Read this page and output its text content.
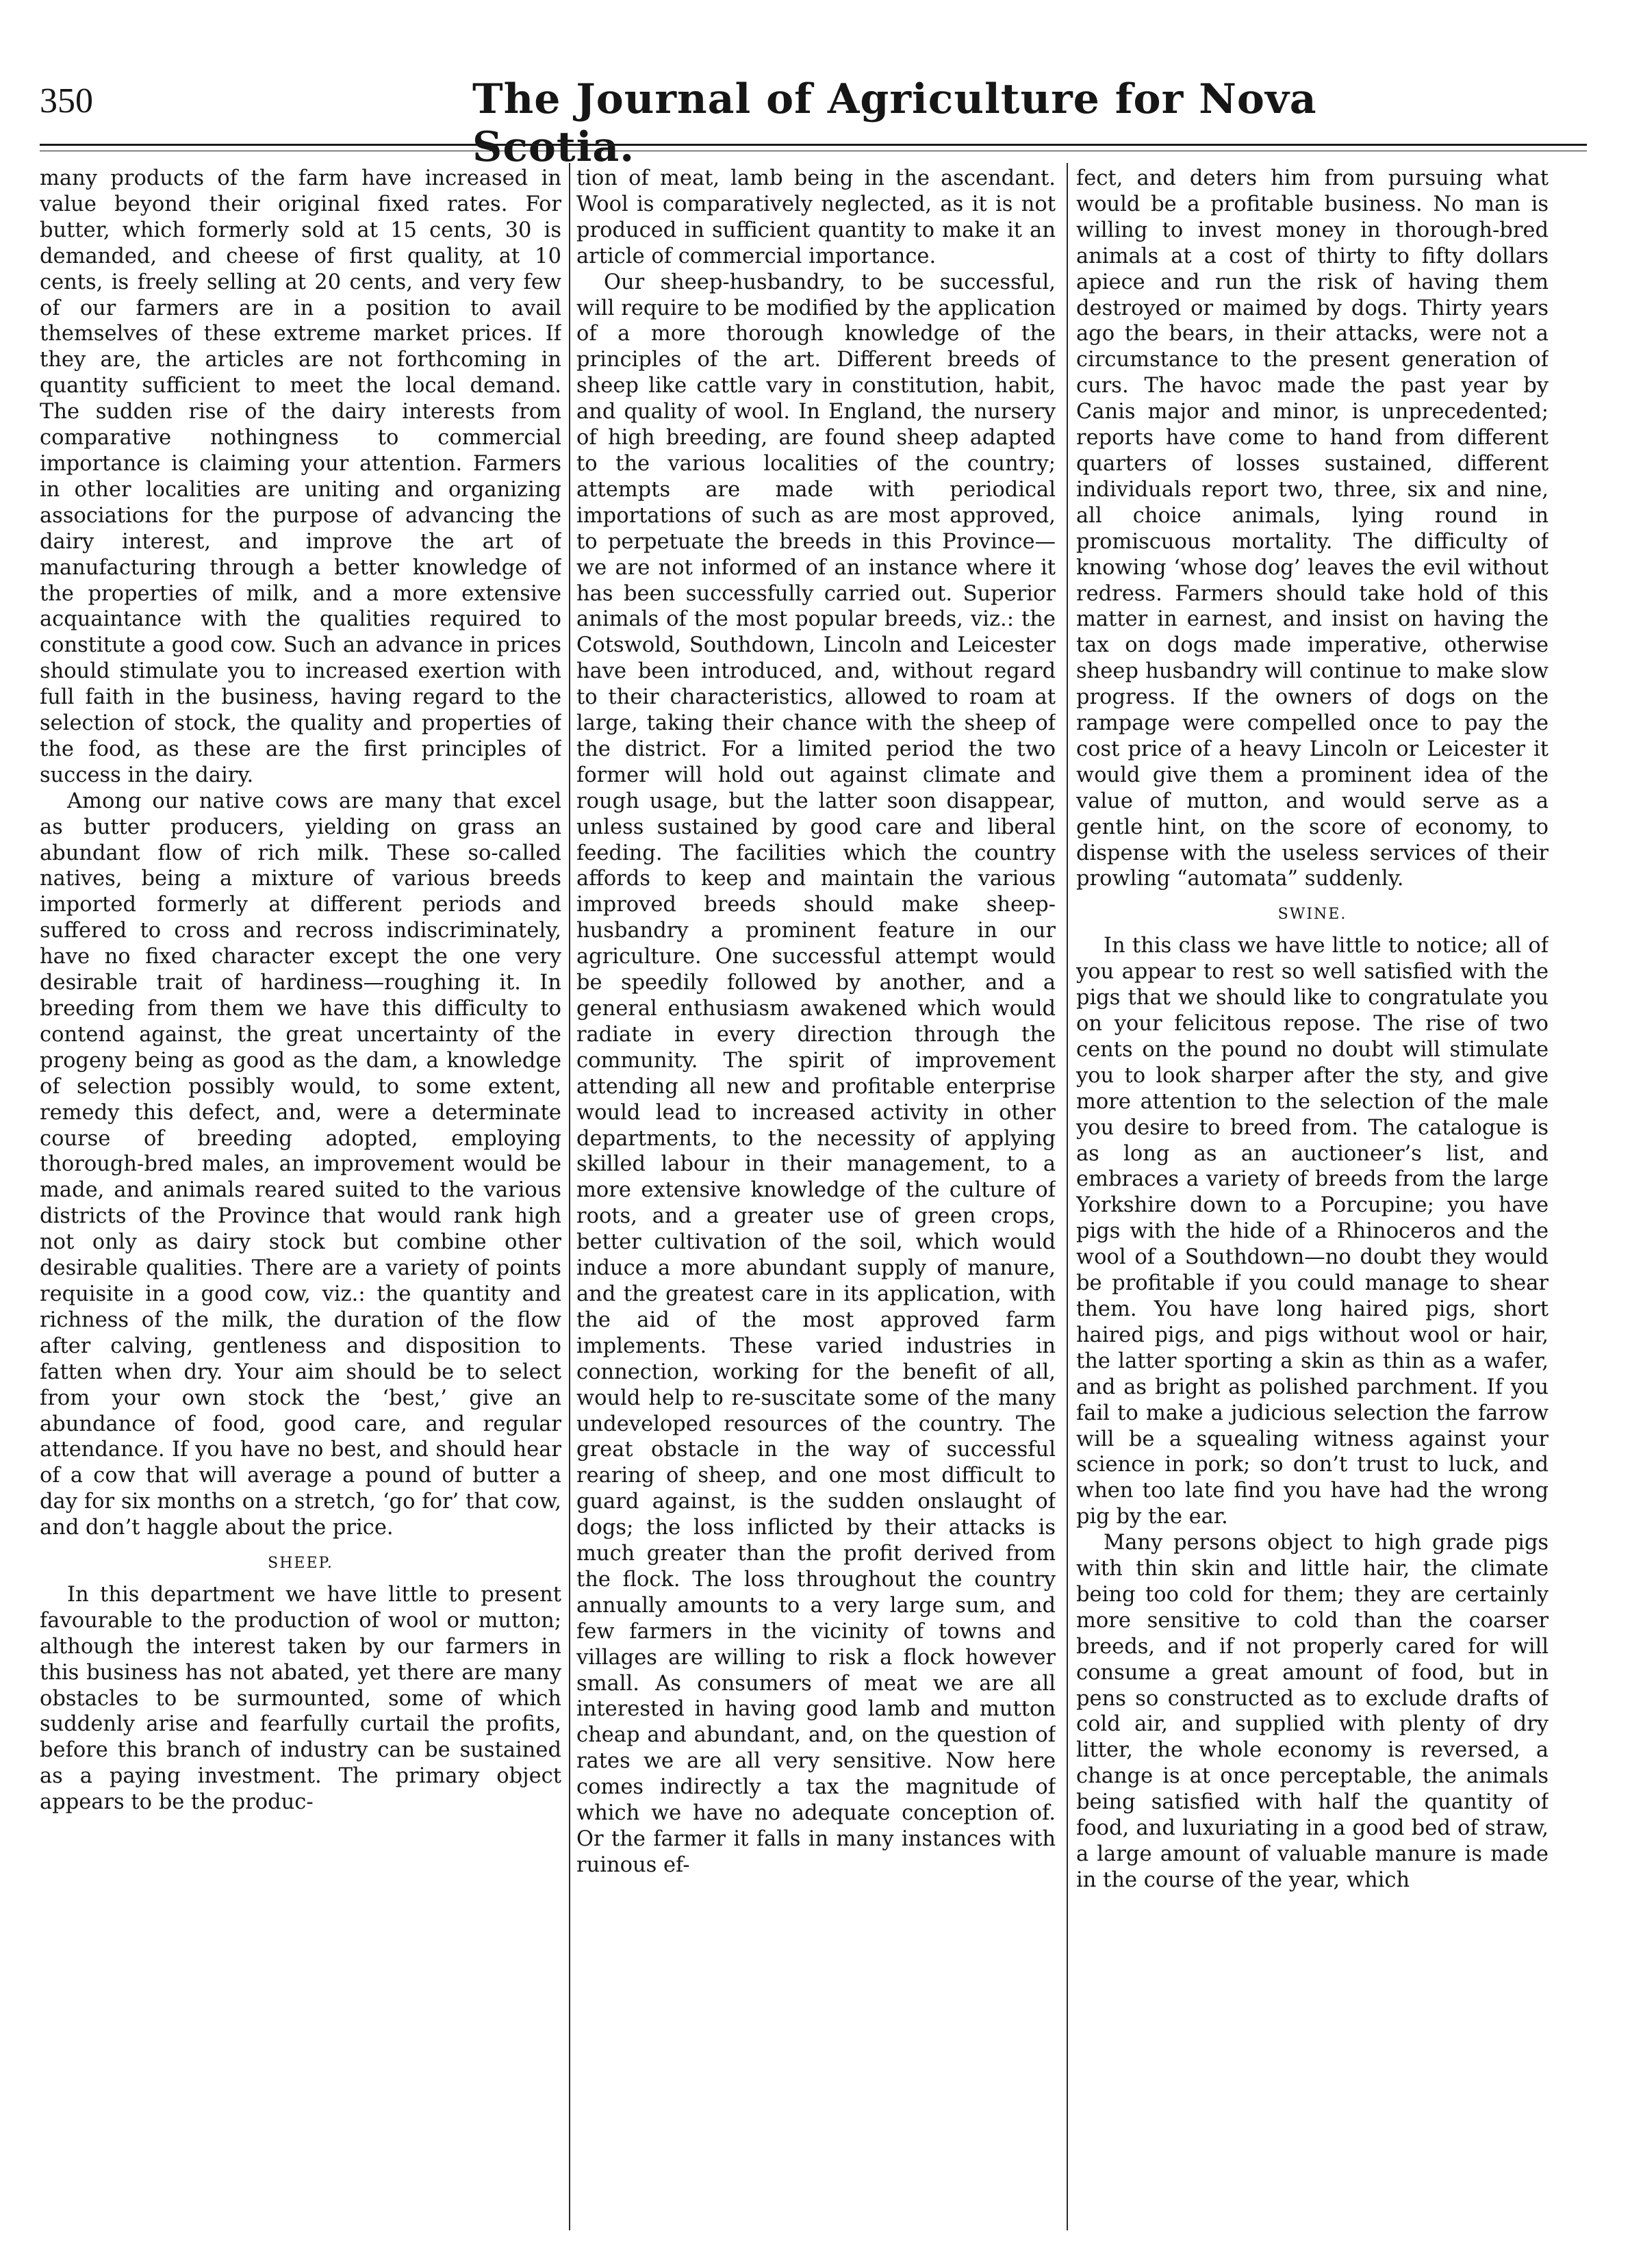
350	The Journal of Agriculture for Nova Scotia.

many products of the farm have increased in value beyond their original fixed rates. For butter, which formerly sold at 15 cents, 30 is demanded, and cheese of first quality, at 10 cents, is freely selling at 20 cents, and very few of our farmers are in a position to avail themselves of these extreme market prices. If they are, the articles are not forthcoming in quantity sufficient to meet the local demand. The sudden rise of the dairy interests from comparative nothingness to commercial importance is claiming your attention. Farmers in other localities are uniting and organizing associations for the purpose of advancing the dairy interest, and improve the art of manufacturing through a better knowledge of the properties of milk, and a more extensive acquaintance with the qualities required to constitute a good cow. Such an advance in prices should stimulate you to increased exertion with full faith in the business, having regard to the selection of stock, the quality and properties of the food, as these are the first principles of success in the dairy.

Among our native cows are many that excel as butter producers, yielding on grass an abundant flow of rich milk. These so-called natives, being a mixture of various breeds imported formerly at different periods and suffered to cross and recross indiscriminately, have no fixed character except the one very desirable trait of hardiness—roughing it. In breeding from them we have this difficulty to contend against, the great uncertainty of the progeny being as good as the dam, a knowledge of selection possibly would, to some extent, remedy this defect, and, were a determinate course of breeding adopted, employing thorough-bred males, an improvement would be made, and animals reared suited to the various districts of the Province that would rank high not only as dairy stock but combine other desirable qualities. There are a variety of points requisite in a good cow, viz.: the quantity and richness of the milk, the duration of the flow after calving, gentleness and disposition to fatten when dry. Your aim should be to select from your own stock the ‘best,’ give an abundance of food, good care, and regular attendance. If you have no best, and should hear of a cow that will average a pound of butter a day for six months on a stretch, ‘go for’ that cow, and don’t haggle about the price.

SHEEP.

In this department we have little to present favourable to the production of wool or mutton; although the interest taken by our farmers in this business has not abated, yet there are many obstacles to be surmounted, some of which suddenly arise and fearfully curtail the profits, before this branch of industry can be sustained as a paying investment. The primary object appears to be the produc-

tion of meat, lamb being in the ascendant. Wool is comparatively neglected, as it is not produced in sufficient quantity to make it an article of commercial importance.

Our sheep-husbandry, to be successful, will require to be modified by the application of a more thorough knowledge of the principles of the art. Different breeds of sheep like cattle vary in constitution, habit, and quality of wool. In England, the nursery of high breeding, are found sheep adapted to the various localities of the country; attempts are made with periodical importations of such as are most approved, to perpetuate the breeds in this Province—we are not informed of an instance where it has been successfully carried out. Superior animals of the most popular breeds, viz.: the Cotswold, Southdown, Lincoln and Leicester have been introduced, and, without regard to their characteristics, allowed to roam at large, taking their chance with the sheep of the district. For a limited period the two former will hold out against climate and rough usage, but the latter soon disappear, unless sustained by good care and liberal feeding. The facilities which the country affords to keep and maintain the various improved breeds should make sheep-husbandry a prominent feature in our agriculture. One successful attempt would be speedily followed by another, and a general enthusiasm awakened which would radiate in every direction through the community. The spirit of improvement attending all new and profitable enterprise would lead to increased activity in other departments, to the necessity of applying skilled labour in their management, to a more extensive knowledge of the culture of roots, and a greater use of green crops, better cultivation of the soil, which would induce a more abundant supply of manure, and the greatest care in its application, with the aid of the most approved farm implements. These varied industries in connection, working for the benefit of all, would help to re-suscitate some of the many undeveloped resources of the country. The great obstacle in the way of successful rearing of sheep, and one most difficult to guard against, is the sudden onslaught of dogs; the loss inflicted by their attacks is much greater than the profit derived from the flock. The loss throughout the country annually amounts to a very large sum, and few farmers in the vicinity of towns and villages are willing to risk a flock however small. As consumers of meat we are all interested in having good lamb and mutton cheap and abundant, and, on the question of rates we are all very sensitive. Now here comes indirectly a tax the magnitude of which we have no adequate conception of. Or the farmer it falls in many instances with ruinous ef-

fect, and deters him from pursuing what would be a profitable business. No man is willing to invest money in thorough-bred animals at a cost of thirty to fifty dollars apiece and run the risk of having them destroyed or maimed by dogs. Thirty years ago the bears, in their attacks, were not a circumstance to the present generation of curs. The havoc made the past year by Canis major and minor, is unprecedented; reports have come to hand from different quarters of losses sustained, different individuals report two, three, six and nine, all choice animals, lying round in promiscuous mortality. The difficulty of knowing ‘whose dog’ leaves the evil without redress. Farmers should take hold of this matter in earnest, and insist on having the tax on dogs made imperative, otherwise sheep husbandry will continue to make slow progress. If the owners of dogs on the rampage were compelled once to pay the cost price of a heavy Lincoln or Leicester it would give them a prominent idea of the value of mutton, and would serve as a gentle hint, on the score of economy, to dispense with the useless services of their prowling “automata” suddenly.

SWINE.

In this class we have little to notice; all of you appear to rest so well satisfied with the pigs that we should like to congratulate you on your felicitous repose. The rise of two cents on the pound no doubt will stimulate you to look sharper after the sty, and give more attention to the selection of the male you desire to breed from. The catalogue is as long as an auctioneer’s list, and embraces a variety of breeds from the large Yorkshire down to a Porcupine; you have pigs with the hide of a Rhinoceros and the wool of a Southdown—no doubt they would be profitable if you could manage to shear them. You have long haired pigs, short haired pigs, and pigs without wool or hair, the latter sporting a skin as thin as a wafer, and as bright as polished parchment. If you fail to make a judicious selection the farrow will be a squealing witness against your science in pork; so don’t trust to luck, and when too late find you have had the wrong pig by the ear.

Many persons object to high grade pigs with thin skin and little hair, the climate being too cold for them; they are certainly more sensitive to cold than the coarser breeds, and if not properly cared for will consume a great amount of food, but in pens so constructed as to exclude drafts of cold air, and supplied with plenty of dry litter, the whole economy is reversed, a change is at once perceptable, the animals being satisfied with half the quantity of food, and luxuriating in a good bed of straw, a large amount of valuable manure is made in the course of the year, which
